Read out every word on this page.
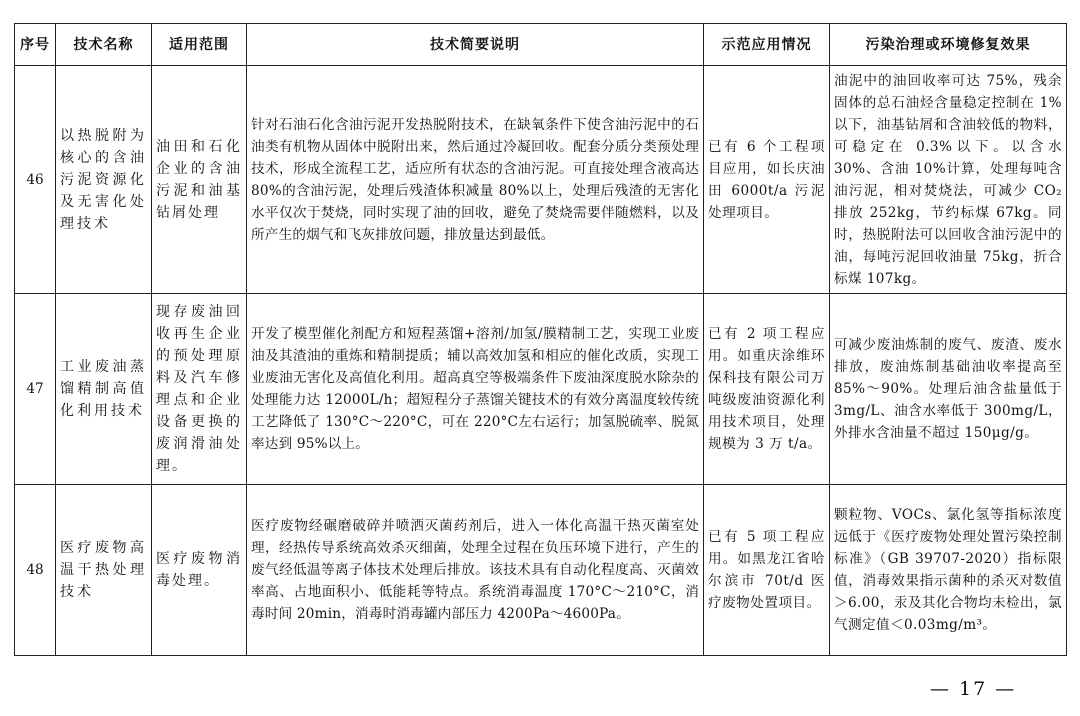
序号	技术名称	适用范围	技术简要说明	示范应用情况	污染治理或环境修复效果
46	以热脱附为核心的含油污泥资源化及无害化处理技术	油田和石化企业的含油污泥和油基钻屑处理	针对石油石化含油污泥开发热脱附技术，在缺氧条件下使含油污泥中的石油类有机物从固体中脱附出来，然后通过冷凝回收。配套分质分类预处理技术，形成全流程工艺，适应所有状态的含油污泥。可直接处理含液高达 80%的含油污泥，处理后残渣体积减量 80%以上，处理后残渣的无害化水平仅次于焚烧，同时实现了油的回收，避免了焚烧需要伴随燃料，以及所产生的烟气和飞灰排放问题，排放量达到最低。	已有 6 个工程项目应用，如长庆油田 6000t/a 污泥处理项目。	油泥中的油回收率可达 75%，残余固体的总石油烃含量稳定控制在 1%以下，油基钻屑和含油较低的物料，可稳定在 0.3%以下。以含水 30%、含油 10%计算，处理每吨含油污泥，相对焚烧法，可减少 CO₂ 排放 252kg，节约标煤 67kg。同时，热脱附法可以回收含油污泥中的油，每吨污泥回收油量 75kg，折合标煤 107kg。
47	工业废油蒸馏精制高值化利用技术	现存废油回收再生企业的预处理原料及汽车修理点和企业设备更换的废润滑油处理。	开发了模型催化剂配方和短程蒸馏+溶剂/加氢/膜精制工艺，实现工业废油及其渣油的重炼和精制提质；辅以高效加氢和相应的催化改质，实现工业废油无害化及高值化利用。超高真空等极端条件下废油深度脱水除杂的处理能力达 12000L/h；超短程分子蒸馏关键技术的有效分离温度较传统工艺降低了 130°C～220°C，可在 220°C左右运行；加氢脱硫率、脱氮率达到 95%以上。	已有 2 项工程应用。如重庆涂维环保科技有限公司万吨级废油资源化利用技术项目，处理规模为 3 万 t/a。	可减少废油炼制的废气、废渣、废水排放，废油炼制基础油收率提高至 85%～90%。处理后油含盐量低于 3mg/L、油含水率低于 300mg/L，外排水含油量不超过 150μg/g。
48	医疗废物高温干热处理技术	医疗废物消毒处理。	医疗废物经碾磨破碎并喷洒灭菌药剂后，进入一体化高温干热灭菌室处理，经热传导系统高效杀灭细菌，处理全过程在负压环境下进行，产生的废气经低温等离子体技术处理后排放。该技术具有自动化程度高、灭菌效率高、占地面积小、低能耗等特点。系统消毒温度 170°C～210°C，消毒时间 20min，消毒时消毒罐内部压力 4200Pa～4600Pa。	已有 5 项工程应用。如黑龙江省哈尔滨市 70t/d 医疗废物处置项目。	颗粒物、VOCs、氯化氢等指标浓度远低于《医疗废物处理处置污染控制标准》（GB 39707-2020）指标限值，消毒效果指示菌种的杀灭对数值＞6.00，汞及其化合物均未检出，氯气测定值＜0.03mg/m³。
— 17 —
